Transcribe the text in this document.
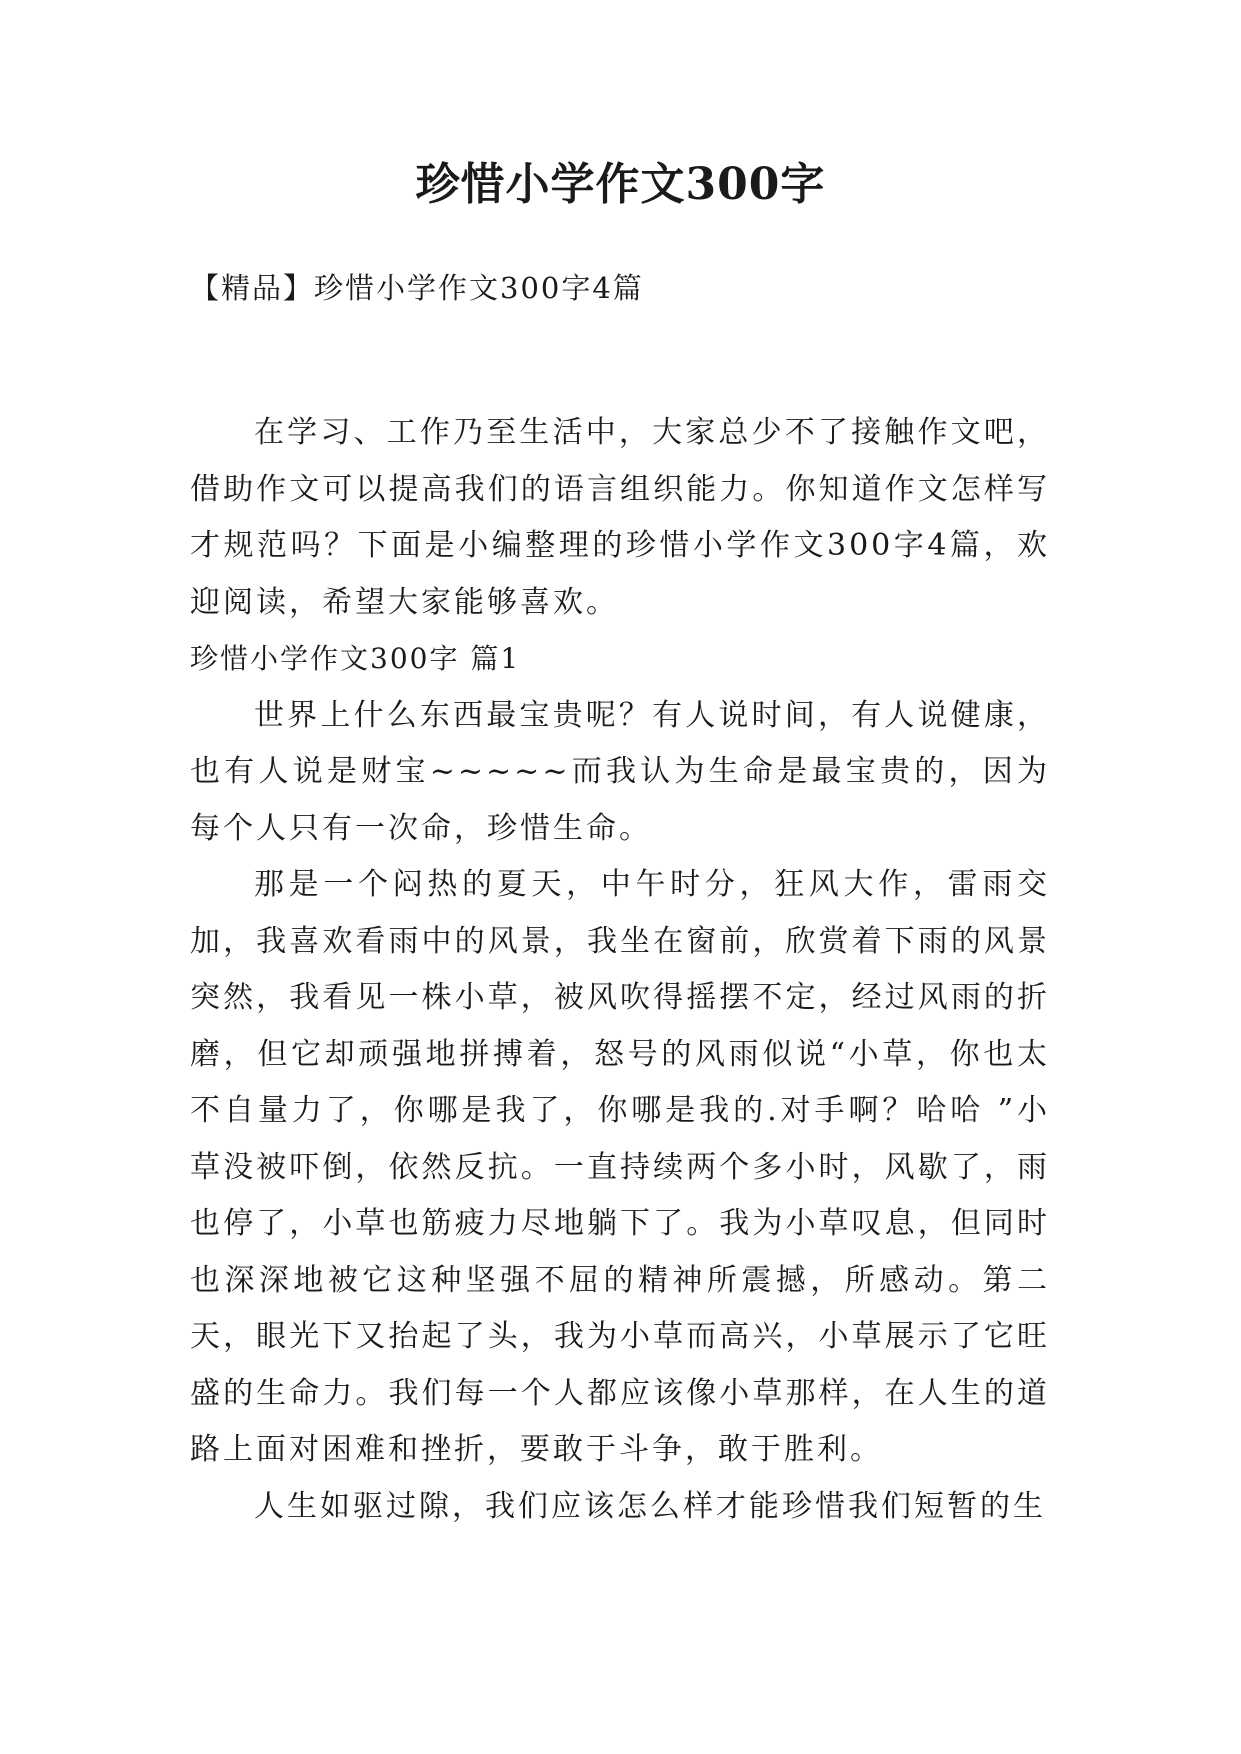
珍惜小学作文300字
【精品】珍惜小学作文300字4篇

在学习、工作乃至生活中，大家总少不了接触作文吧，借助作文可以提高我们的语言组织能力。你知道作文怎样写才规范吗？下面是小编整理的珍惜小学作文300字4篇，欢迎阅读，希望大家能够喜欢。

珍惜小学作文300字 篇1

世界上什么东西最宝贵呢？有人说时间，有人说健康，也有人说是财宝~~~~~而我认为生命是最宝贵的，因为每个人只有一次命，珍惜生命。

那是一个闷热的夏天，中午时分，狂风大作，雷雨交加，我喜欢看雨中的风景，我坐在窗前，欣赏着下雨的风景突然，我看见一株小草，被风吹得摇摆不定，经过风雨的折磨，但它却顽强地拼搏着，怒号的风雨似说“小草，你也太不自量力了，你哪是我了，你哪是我的.对手啊？哈哈 ”小草没被吓倒，依然反抗。一直持续两个多小时，风歇了，雨也停了，小草也筋疲力尽地躺下了。我为小草叹息，但同时也深深地被它这种坚强不屈的精神所震撼，所感动。第二天，眼光下又抬起了头，我为小草而高兴，小草展示了它旺盛的生命力。我们每一个人都应该像小草那样，在人生的道路上面对困难和挫折，要敢于斗争，敢于胜利。

人生如驱过隙，我们应该怎么样才能珍惜我们短暂的生
